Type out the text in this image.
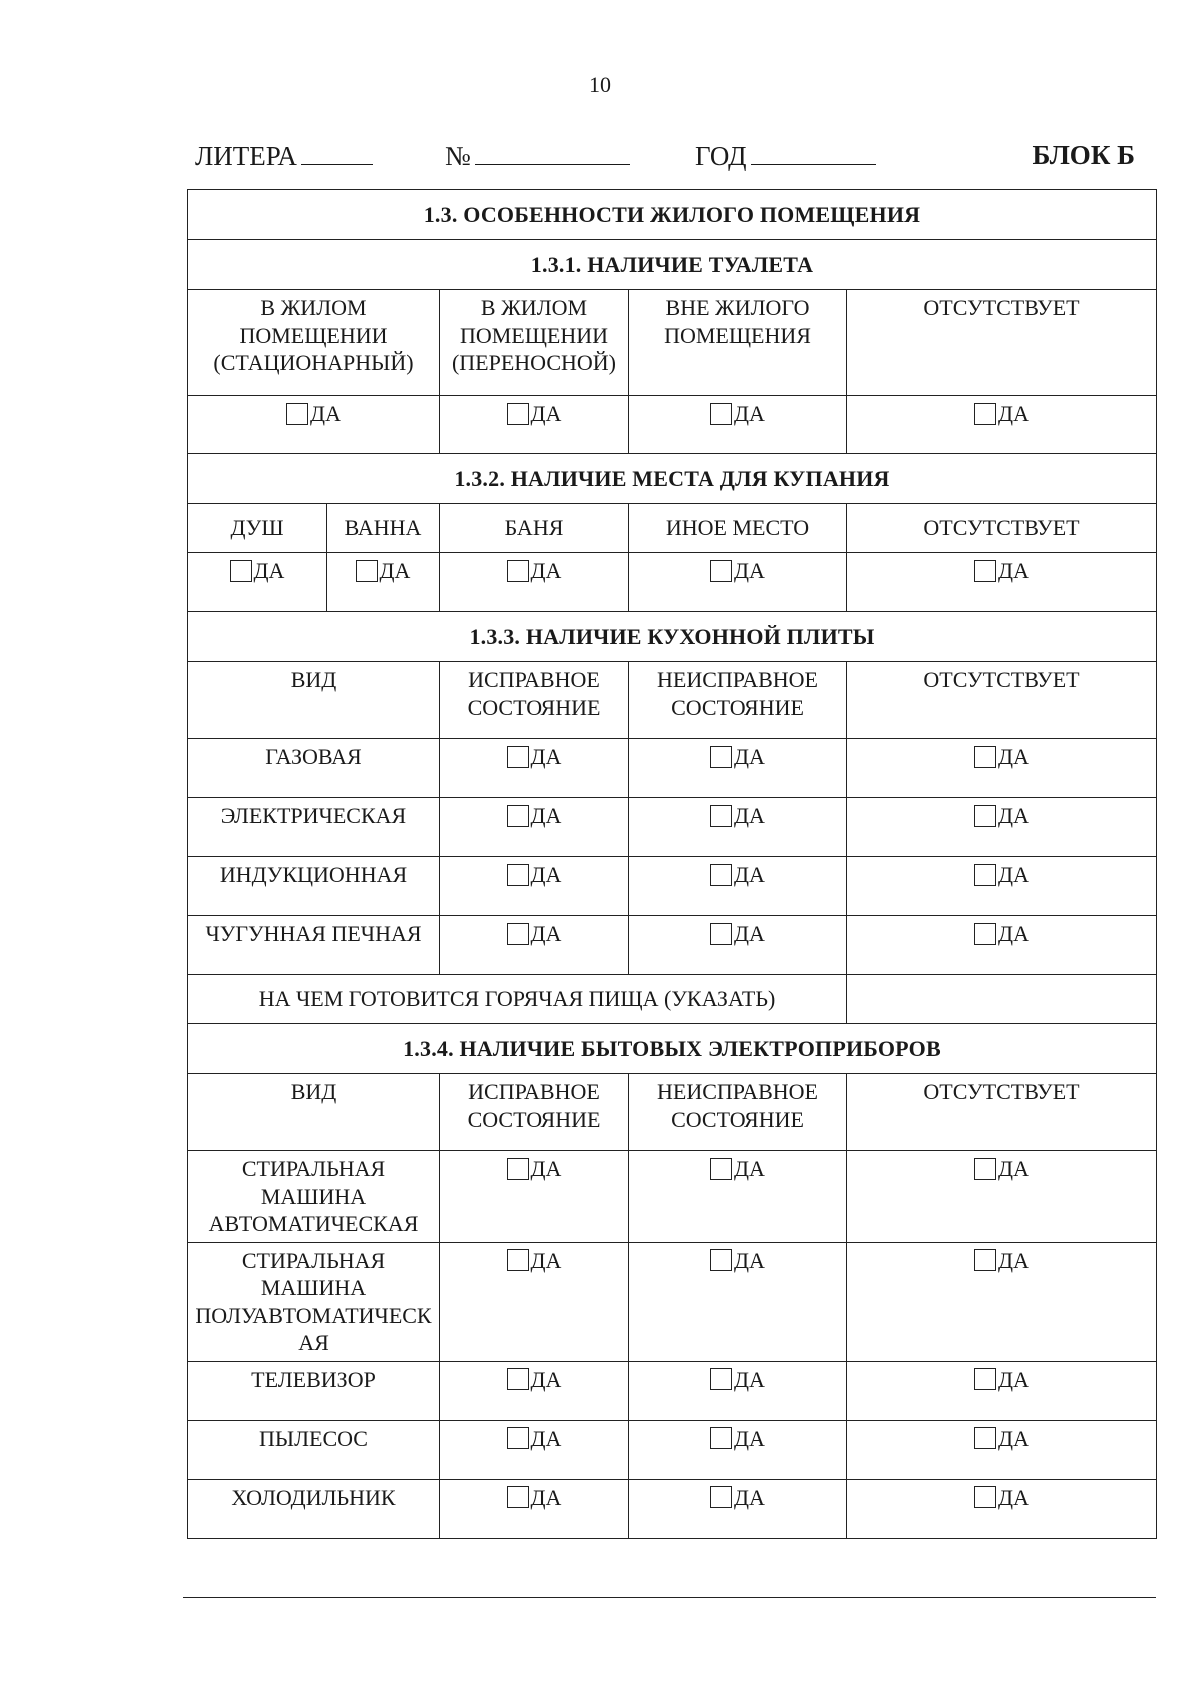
10
ЛИТЕРА	№	ГОД	БЛОК Б
1.3. ОСОБЕННОСТИ ЖИЛОГО ПОМЕЩЕНИЯ				
1.3.1. НАЛИЧИЕ ТУАЛЕТА				
В ЖИЛОМ ПОМЕЩЕНИИ (СТАЦИОНАРНЫЙ)		В ЖИЛОМ ПОМЕЩЕНИИ (ПЕРЕНОСНОЙ)	ВНЕ ЖИЛОГО ПОМЕЩЕНИЯ	ОТСУТСТВУЕТ

ДА		ДА	ДА	ДА

1.3.2. НАЛИЧИЕ МЕСТА ДЛЯ КУПАНИЯ				
ДУШ	ВАННА	БАНЯ	ИНОЕ МЕСТО	ОТСУТСТВУЕТ

ДА	ДА	ДА	ДА	ДА

1.3.3. НАЛИЧИЕ КУХОННОЙ ПЛИТЫ				
ВИД		ИСПРАВНОЕ СОСТОЯНИЕ	НЕИСПРАВНОЕ СОСТОЯНИЕ	ОТСУТСТВУЕТ
ГАЗОВАЯ		ДА	ДА	ДА

ЭЛЕКТРИЧЕСКАЯ		ДА	ДА	ДА

ИНДУКЦИОННАЯ		ДА	ДА	ДА

ЧУГУННАЯ ПЕЧНАЯ		ДА	ДА	ДА

НА ЧЕМ ГОТОВИТСЯ ГОРЯЧАЯ ПИЩА (УКАЗАТЬ)				
1.3.4. НАЛИЧИЕ БЫТОВЫХ ЭЛЕКТРОПРИБОРОВ				
ВИД		ИСПРАВНОЕ СОСТОЯНИЕ	НЕИСПРАВНОЕ СОСТОЯНИЕ	ОТСУТСТВУЕТ
СТИРАЛЬНАЯ МАШИНА АВТОМАТИЧЕСКАЯ		ДА	ДА	ДА

СТИРАЛЬНАЯ МАШИНА ПОЛУАВТОМАТИЧЕСК АЯ		ДА	ДА	ДА

ТЕЛЕВИЗОР		ДА	ДА	ДА

ПЫЛЕСОС		ДА	ДА	ДА

ХОЛОДИЛЬНИК		ДА	ДА	ДА
